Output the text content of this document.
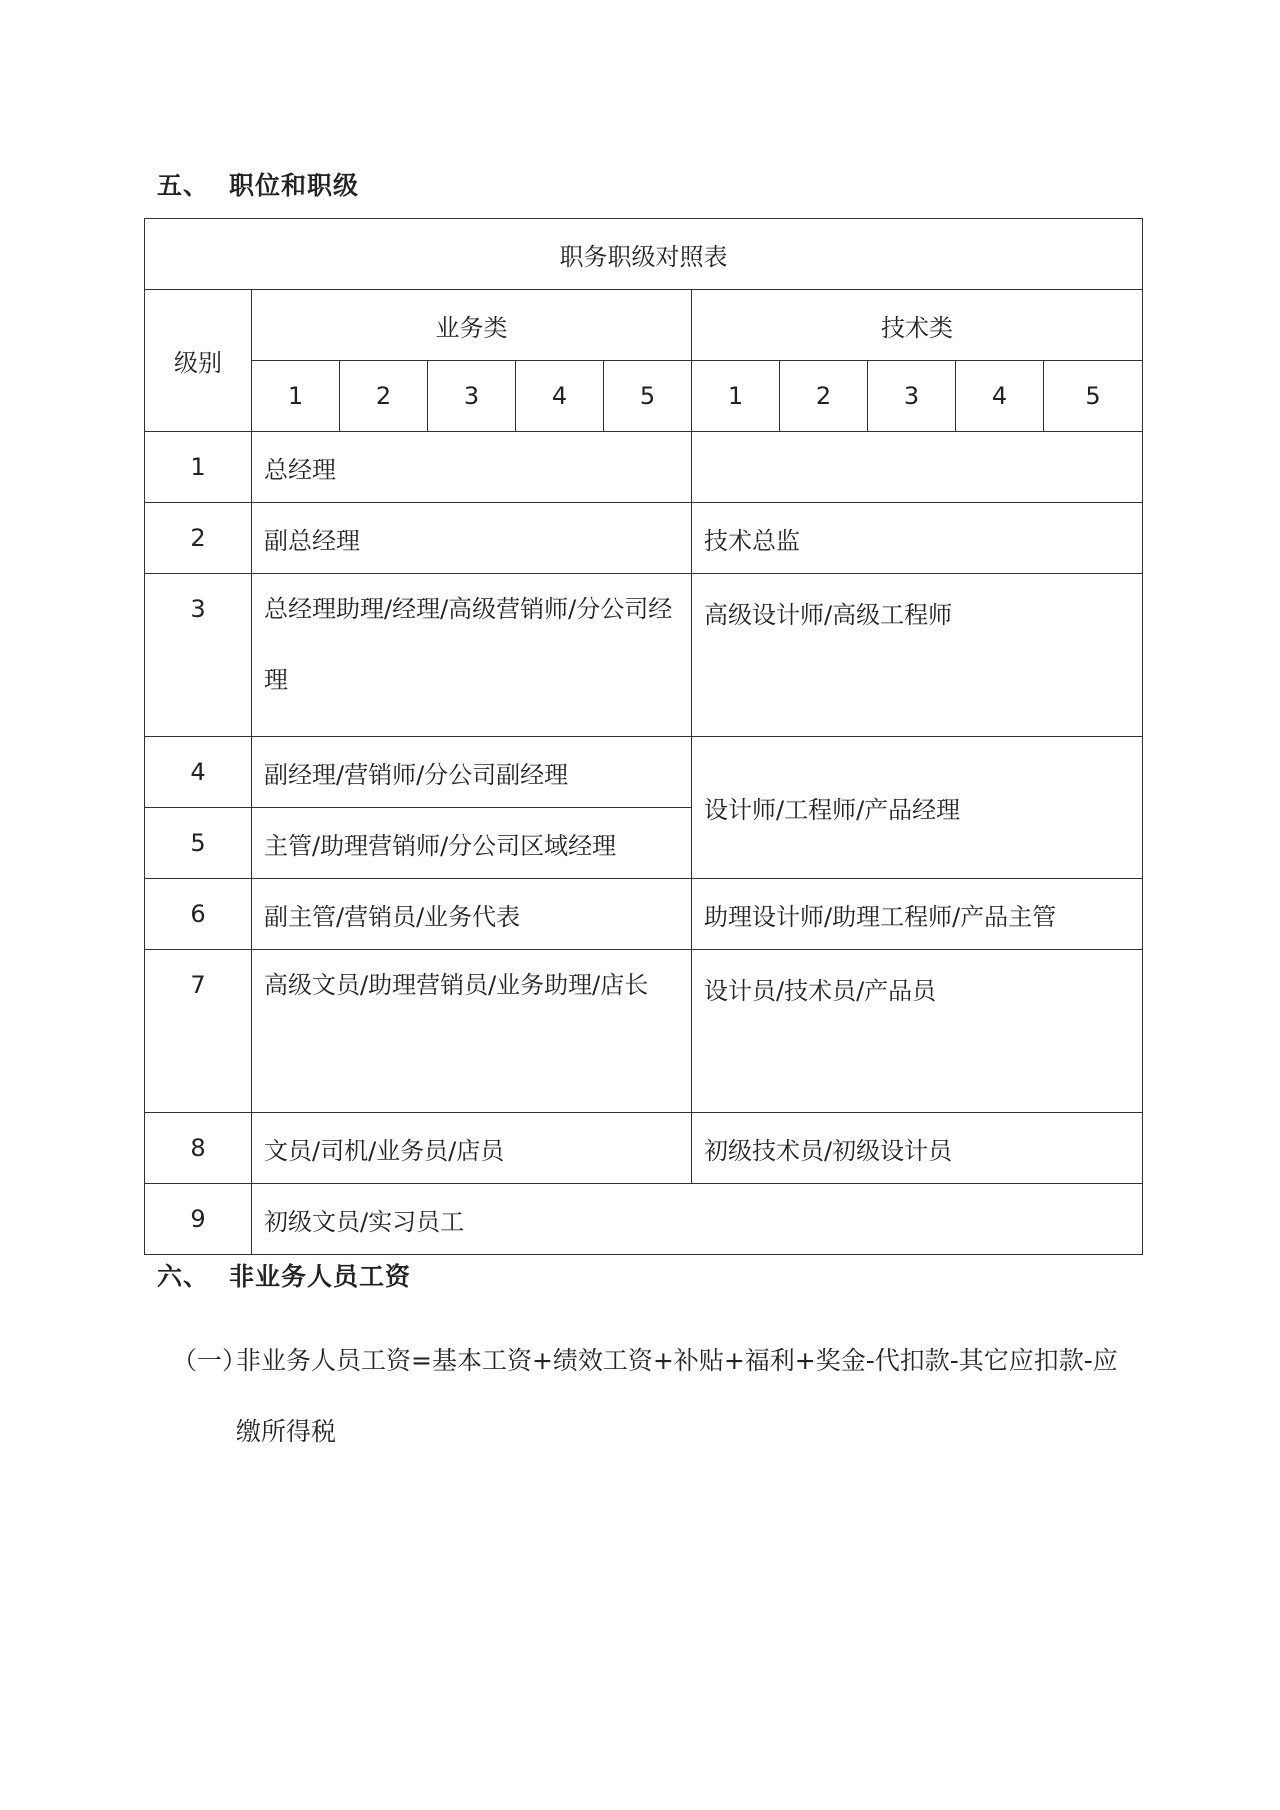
五、 职位和职级
职务职级对照表										
级别	业务类					技术类				
	1	2	3	4	5	1	2	3	4	5
1	总经理									
2	副总经理					技术总监				
3	总经理助理/经理/高级营销师/分公司经理					高级设计师/高级工程师				
4	副经理/营销师/分公司副经理					设计师/工程师/产品经理				
5	主管/助理营销师/分公司区域经理									
6	副主管/营销员/业务代表					助理设计师/助理工程师/产品主管				
7	高级文员/助理营销员/业务助理/店长					设计员/技术员/产品员				
8	文员/司机/业务员/店员					初级技术员/初级设计员				
9	初级文员/实习员工									
六、 非业务人员工资
（一）非业务人员工资=基本工资+绩效工资+补贴+福利+奖金-代扣款-其它应扣款-应
缴所得税
